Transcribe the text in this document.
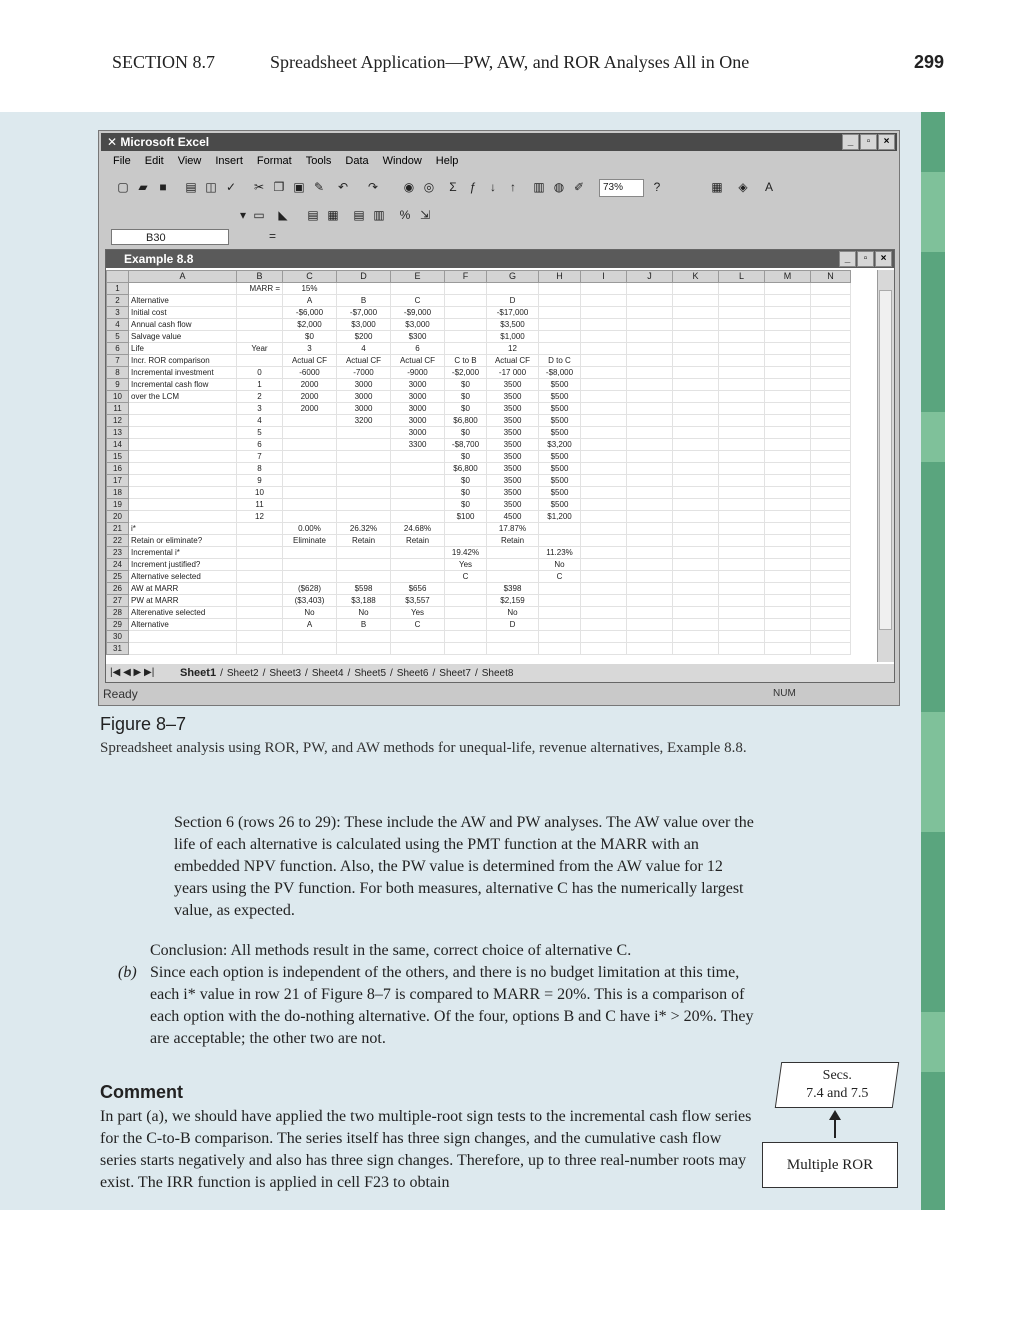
SECTION 8.7	Spreadsheet Application—PW, AW, and ROR Analyses All in One	299
✕ Microsoft Excel	_	▫	×
File Edit View Insert Format Tools Data Window Help
▢ ▰ ■	▤ ◫ ✓ ✂ ❐ ▣ ✎ ↶ ↷ ◉ ◎	Σ	ƒ	↓	↑	▥ ◍ ✐	73%	?	▦ ◈	A
▾ ▭ ◣ ▤ ▦ ▤ ▥ % ⇲
B30	=
Example 8.8	_	▫	×
	A	B	C	D	E	F	G	H	I	J	K	L	M	N
1		MARR =	15%											
2	Alternative		A	B	C		D							
3	Initial cost		-$6,000	-$7,000	-$9,000		-$17,000							
4	Annual cash flow		$2,000	$3,000	$3,000		$3,500							
5	Salvage value		$0	$200	$300		$1,000							
6	Life	Year	3	4	6		12							
7	Incr. ROR comparison		Actual CF	Actual CF	Actual CF	C to B	Actual CF	D to C						
8	Incremental investment	0	-6000	-7000	-9000	-$2,000	-17 000	-$8,000						
9	Incremental cash flow	1	2000	3000	3000	$0	3500	$500						
10	over the LCM	2	2000	3000	3000	$0	3500	$500						
11		3	2000	3000	3000	$0	3500	$500						
12		4		3200	3000	$6,800	3500	$500						
13		5			3000	$0	3500	$500						
14		6			3300	-$8,700	3500	$3,200						
15		7				$0	3500	$500						
16		8				$6,800	3500	$500						
17		9				$0	3500	$500						
18		10				$0	3500	$500						
19		11				$0	3500	$500						
20		12				$100	4500	$1,200						
21	i*		0.00%	26.32%	24.68%		17.87%							
22	Retain or eliminate?		Eliminate	Retain	Retain		Retain							
23	Incremental i*					19.42%		11.23%						
24	Increment justified?					Yes		No						
25	Alternative selected					C		C						
26	AW at MARR		($628)	$598	$656		$398							
27	PW at MARR		($3,403)	$3,188	$3,557		$2,159							
28	Alterenative selected		No	No	Yes		No							
29	Alternative		A	B	C		D							
30														
31														
|◀ ◀ ▶ ▶|	Sheet1 / Sheet2 / Sheet3 / Sheet4 / Sheet5 / Sheet6 / Sheet7 / Sheet8
Ready	NUM
Figure 8–7
Spreadsheet analysis using ROR, PW, and AW methods for unequal-life, revenue alternatives, Example 8.8.
Section 6 (rows 26 to 29): These include the AW and PW analyses. The AW value over the life of each alternative is calculated using the PMT function at the MARR with an embedded NPV function. Also, the PW value is determined from the AW value for 12 years using the PV function. For both measures, alternative C has the numerically largest value, as expected.
Conclusion: All methods result in the same, correct choice of alternative C.
(b) Since each option is independent of the others, and there is no budget limitation at this time, each i* value in row 21 of Figure 8–7 is compared to MARR = 20%. This is a comparison of each option with the do-nothing alternative. Of the four, options B and C have i* > 20%. They are acceptable; the other two are not.
Comment
In part (a), we should have applied the two multiple-root sign tests to the incremental cash flow series for the C-to-B comparison. The series itself has three sign changes, and the cumulative cash flow series starts negatively and also has three sign changes. Therefore, up to three real-number roots may exist. The IRR function is applied in cell F23 to obtain
Secs.
7.4 and 7.5
Multiple ROR
